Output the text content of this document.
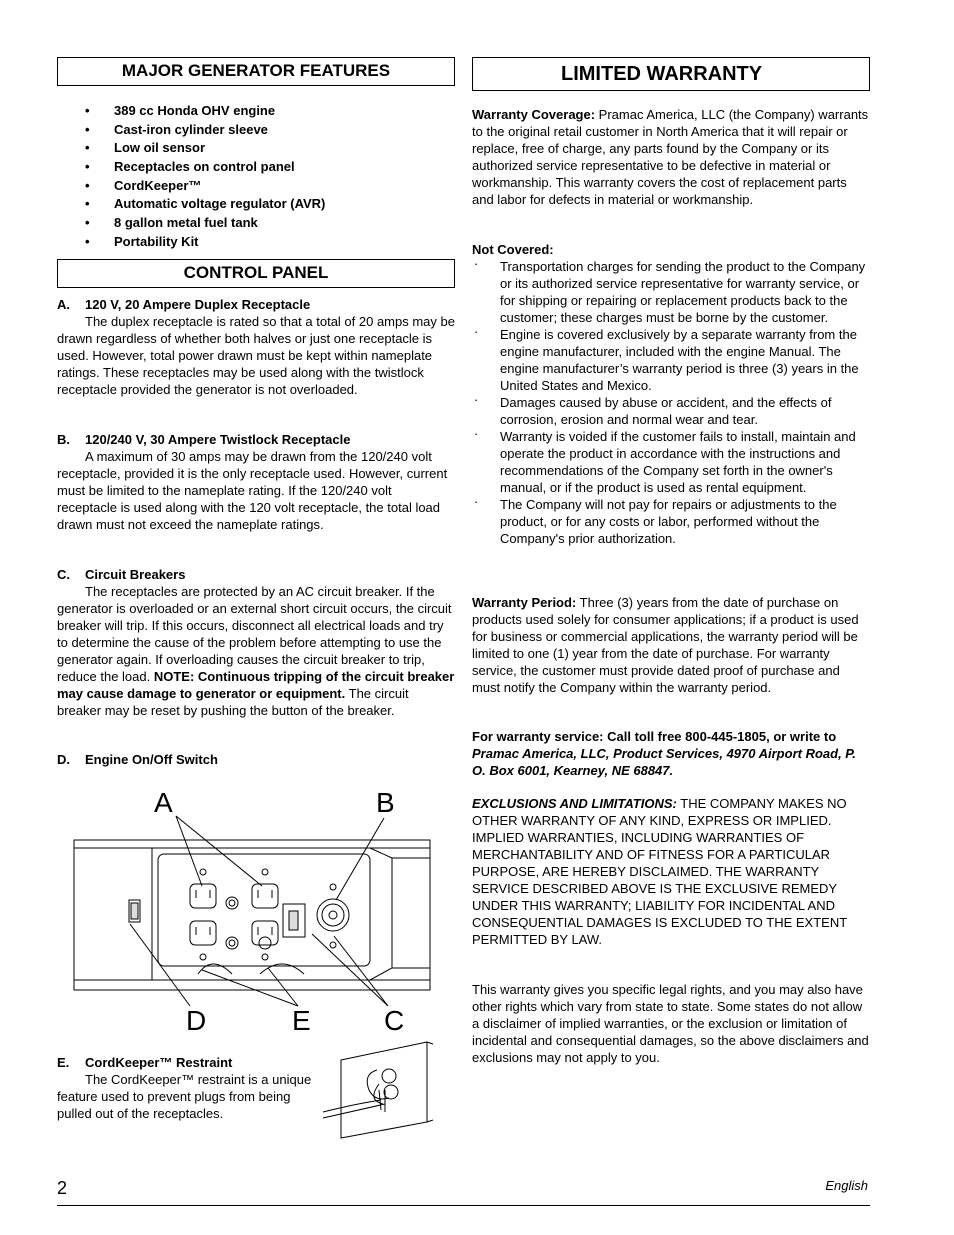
MAJOR GENERATOR FEATURES
• 389 cc Honda OHV engine
• Cast-iron cylinder sleeve
• Low oil sensor
• Receptacles on control panel
• CordKeeper™
• Automatic voltage regulator (AVR)
• 8 gallon metal fuel tank
• Portability Kit
CONTROL PANEL
A. 120 V, 20 Ampere Duplex Receptacle
The duplex receptacle is rated so that a total of 20 amps may be drawn regardless of whether both halves or just one receptacle is used. However, total power drawn must be kept within nameplate ratings. These receptacles may be used along with the twistlock receptacle provided the generator is not overloaded.
B. 120/240 V, 30 Ampere Twistlock Receptacle
A maximum of 30 amps may be drawn from the 120/240 volt receptacle, provided it is the only receptacle used. However, current must be limited to the nameplate rating. If the 120/240 volt receptacle is used along with the 120 volt receptacle, the total load drawn must not exceed the nameplate ratings.
C. Circuit Breakers
The receptacles are protected by an AC circuit breaker. If the generator is overloaded or an external short circuit occurs, the circuit breaker will trip. If this occurs, disconnect all electrical loads and try to determine the cause of the problem before attempting to use the generator again. If overloading causes the circuit breaker to trip, reduce the load. NOTE: Continuous tripping of the circuit breaker may cause damage to generator or equipment. The circuit breaker may be reset by pushing the button of the breaker.
D. Engine On/Off Switch
A	B
D	E	C
E. CordKeeper™ Restraint
The CordKeeper™ restraint is a unique feature used to prevent plugs from being pulled out of the receptacles.
LIMITED WARRANTY
Warranty Coverage: Pramac America, LLC (the Company) warrants to the original retail customer in North America that it will repair or replace, free of charge, any parts found by the Company or its authorized service representative to be defective in material or workmanship. This warranty covers the cost of replacement parts and labor for defects in material or workmanship.
Not Covered:
· Transportation charges for sending the product to the Company or its authorized service representative for warranty service, or for shipping or repairing or replacement products back to the customer; these charges must be borne by the customer.
· Engine is covered exclusively by a separate warranty from the engine manufacturer, included with the engine Manual. The engine manufacturer’s warranty period is three (3) years in the United States and Mexico.
· Damages caused by abuse or accident, and the effects of corrosion, erosion and normal wear and tear.
· Warranty is voided if the customer fails to install, maintain and operate the product in accordance with the instructions and recommendations of the Company set forth in the owner's manual, or if the product is used as rental equipment.
· The Company will not pay for repairs or adjustments to the product, or for any costs or labor, performed without the Company's prior authorization.
Warranty Period: Three (3) years from the date of purchase on products used solely for consumer applications; if a product is used for business or commercial applications, the warranty period will be limited to one (1) year from the date of purchase. For warranty service, the customer must provide dated proof of purchase and must notify the Company within the warranty period.
For warranty service: Call toll free 800-445-1805, or write to Pramac America, LLC, Product Services, 4970 Airport Road, P. O. Box 6001, Kearney, NE 68847.
EXCLUSIONS AND LIMITATIONS: THE COMPANY MAKES NO OTHER WARRANTY OF ANY KIND, EXPRESS OR IMPLIED. IMPLIED WARRANTIES, INCLUDING WARRANTIES OF MERCHANTABILITY AND OF FITNESS FOR A PARTICULAR PURPOSE, ARE HEREBY DISCLAIMED. THE WARRANTY SERVICE DESCRIBED ABOVE IS THE EXCLUSIVE REMEDY UNDER THIS WARRANTY; LIABILITY FOR INCIDENTAL AND CONSEQUENTIAL DAMAGES IS EXCLUDED TO THE EXTENT PERMITTED BY LAW.
This warranty gives you specific legal rights, and you may also have other rights which vary from state to state. Some states do not allow a disclaimer of implied warranties, or the exclusion or limitation of incidental and consequential damages, so the above disclaimers and exclusions may not apply to you.
2	English
